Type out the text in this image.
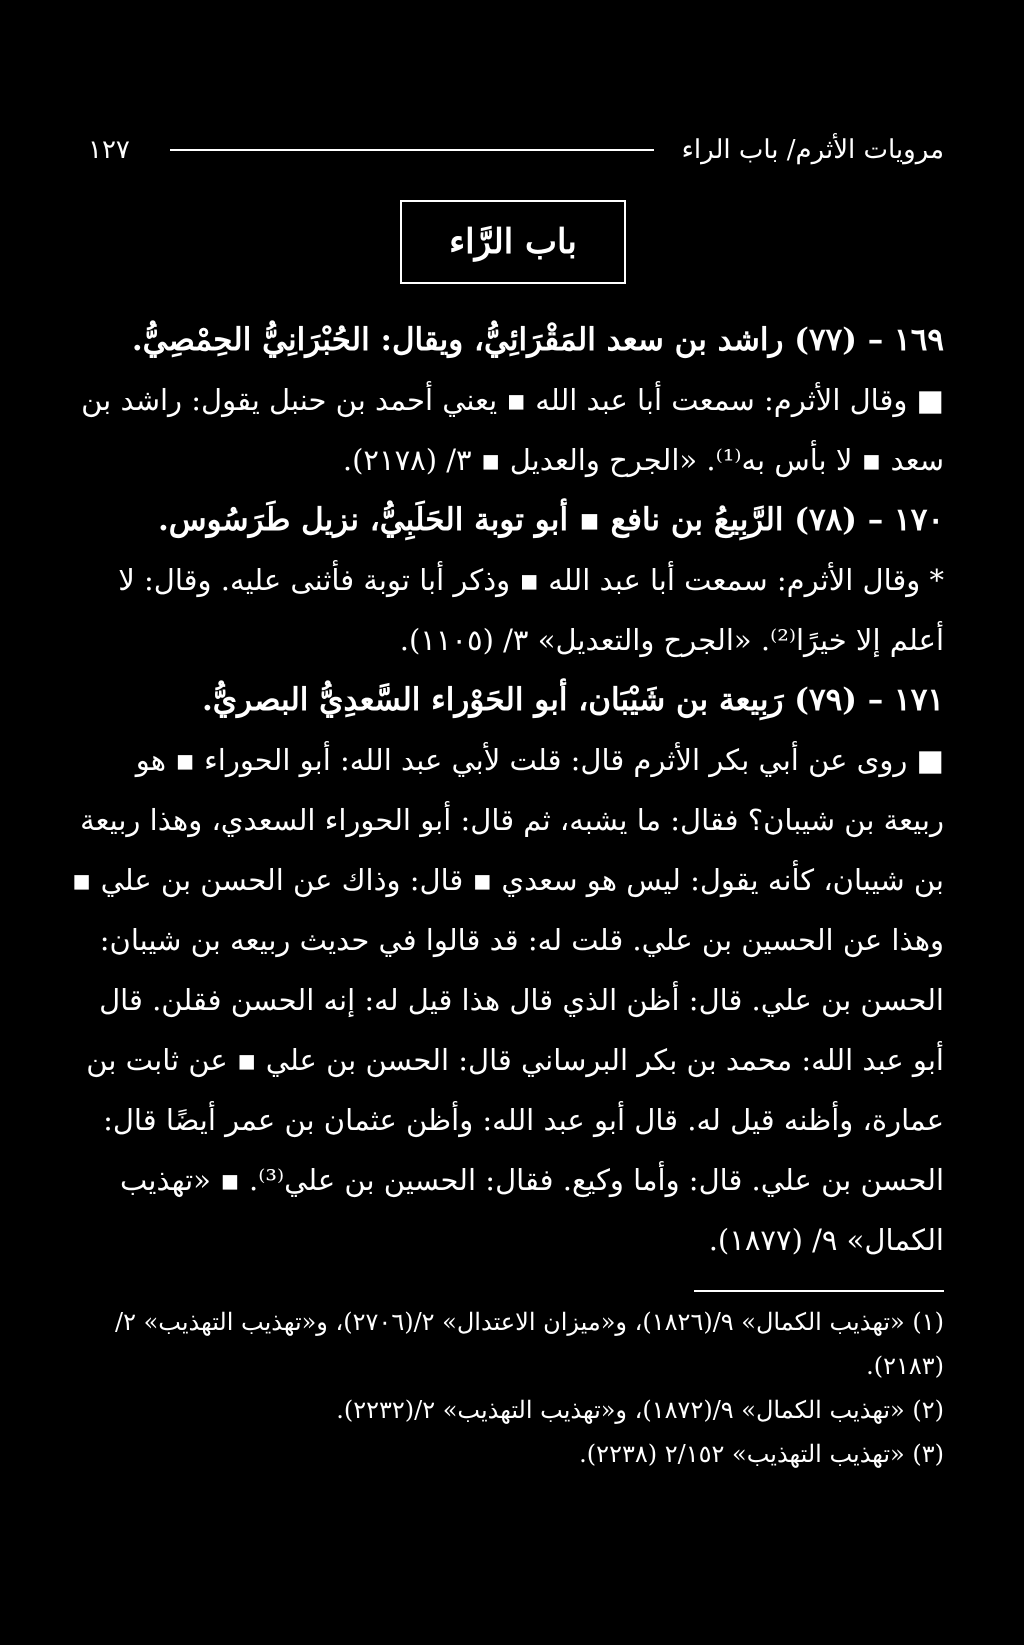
مرويات الأثرم/ باب الراء
١٢٧
باب الرَّاء
١٦٩ – (٧٧) راشد بن سعد المَقْرَائِيُّ، ويقال: الحُبْرَانِيُّ الحِمْصِيُّ.
■ وقال الأثرم: سمعت أبا عبد الله ▪ يعني أحمد بن حنبل يقول: راشد بن سعد ▪ لا بأس به⁽¹⁾. «الجرح والعديل ▪ ٣/ (٢١٧٨).
١٧٠ – (٧٨) الرَّبِيعُ بن نافع ▪ أبو توبة الحَلَبِيُّ، نزيل طَرَسُوس.
* وقال الأثرم: سمعت أبا عبد الله ▪ وذكر أبا توبة فأثنى عليه. وقال: لا أعلم إلا خيرًا⁽²⁾. «الجرح والتعديل» ٣/ (١١٠٥).
١٧١ – (٧٩) رَبِيعة بن شَيْبَان، أبو الحَوْراء السَّعدِيُّ البصريُّ.
■ روى عن أبي بكر الأثرم قال: قلت لأبي عبد الله: أبو الحوراء ▪ هو ربيعة بن شيبان؟ فقال: ما يشبه، ثم قال: أبو الحوراء السعدي، وهذا ربيعة بن شيبان، كأنه يقول: ليس هو سعدي ▪ قال: وذاك عن الحسن بن علي ▪ وهذا عن الحسين بن علي. قلت له: قد قالوا في حديث ربيعه بن شيبان: الحسن بن علي. قال: أظن الذي قال هذا قيل له: إنه الحسن فقلن. قال أبو عبد الله: محمد بن بكر البرساني قال: الحسن بن علي ▪ عن ثابت بن عمارة، وأظنه قيل له. قال أبو عبد الله: وأظن عثمان بن عمر أيضًا قال: الحسن بن علي. قال: وأما وكيع. فقال: الحسين بن علي⁽³⁾. ▪ «تهذيب الكمال» ٩/ (١٨٧٧).
(١) «تهذيب الكمال» ٩/(١٨٢٦)، و«ميزان الاعتدال» ٢/(٢٧٠٦)، و«تهذيب التهذيب» ٢/ (٢١٨٣).
(٢) «تهذيب الكمال» ٩/(١٨٧٢)، و«تهذيب التهذيب» ٢/(٢٢٣٢).
(٣) «تهذيب التهذيب» ٢/١٥٢ (٢٢٣٨).
